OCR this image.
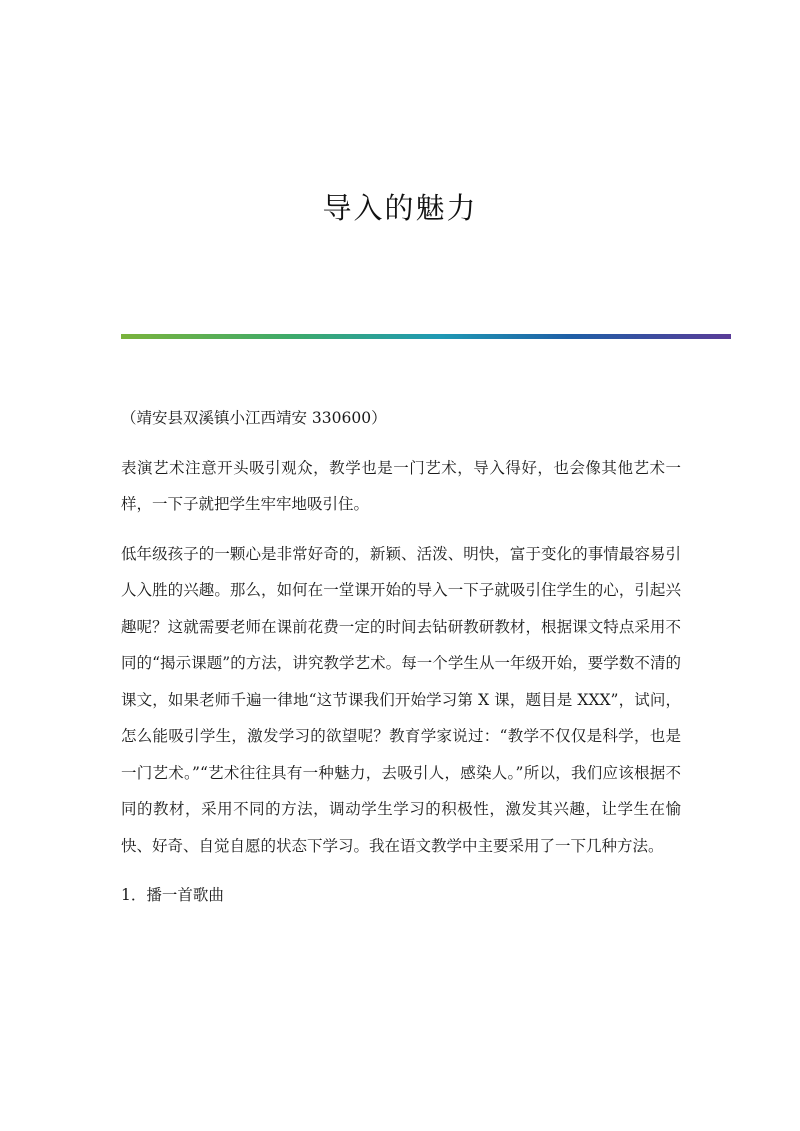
导入的魅力

（靖安县双溪镇小江西靖安 330600）

表演艺术注意开头吸引观众，教学也是一门艺术，导入得好，也会像其他艺术一样，一下子就把学生牢牢地吸引住。

低年级孩子的一颗心是非常好奇的，新颖、活泼、明快，富于变化的事情最容易引人入胜的兴趣。那么，如何在一堂课开始的导入一下子就吸引住学生的心，引起兴趣呢？这就需要老师在课前花费一定的时间去钻研教研教材，根据课文特点采用不同的“揭示课题”的方法，讲究教学艺术。每一个学生从一年级开始，要学数不清的课文，如果老师千遍一律地“这节课我们开始学习第 X 课，题目是 XXX”，试问，怎么能吸引学生，激发学习的欲望呢？教育学家说过：“教学不仅仅是科学，也是一门艺术。”“艺术往往具有一种魅力，去吸引人，感染人。”所以，我们应该根据不同的教材，采用不同的方法，调动学生学习的积极性，激发其兴趣，让学生在愉快、好奇、自觉自愿的状态下学习。我在语文教学中主要采用了一下几种方法。

1．播一首歌曲
